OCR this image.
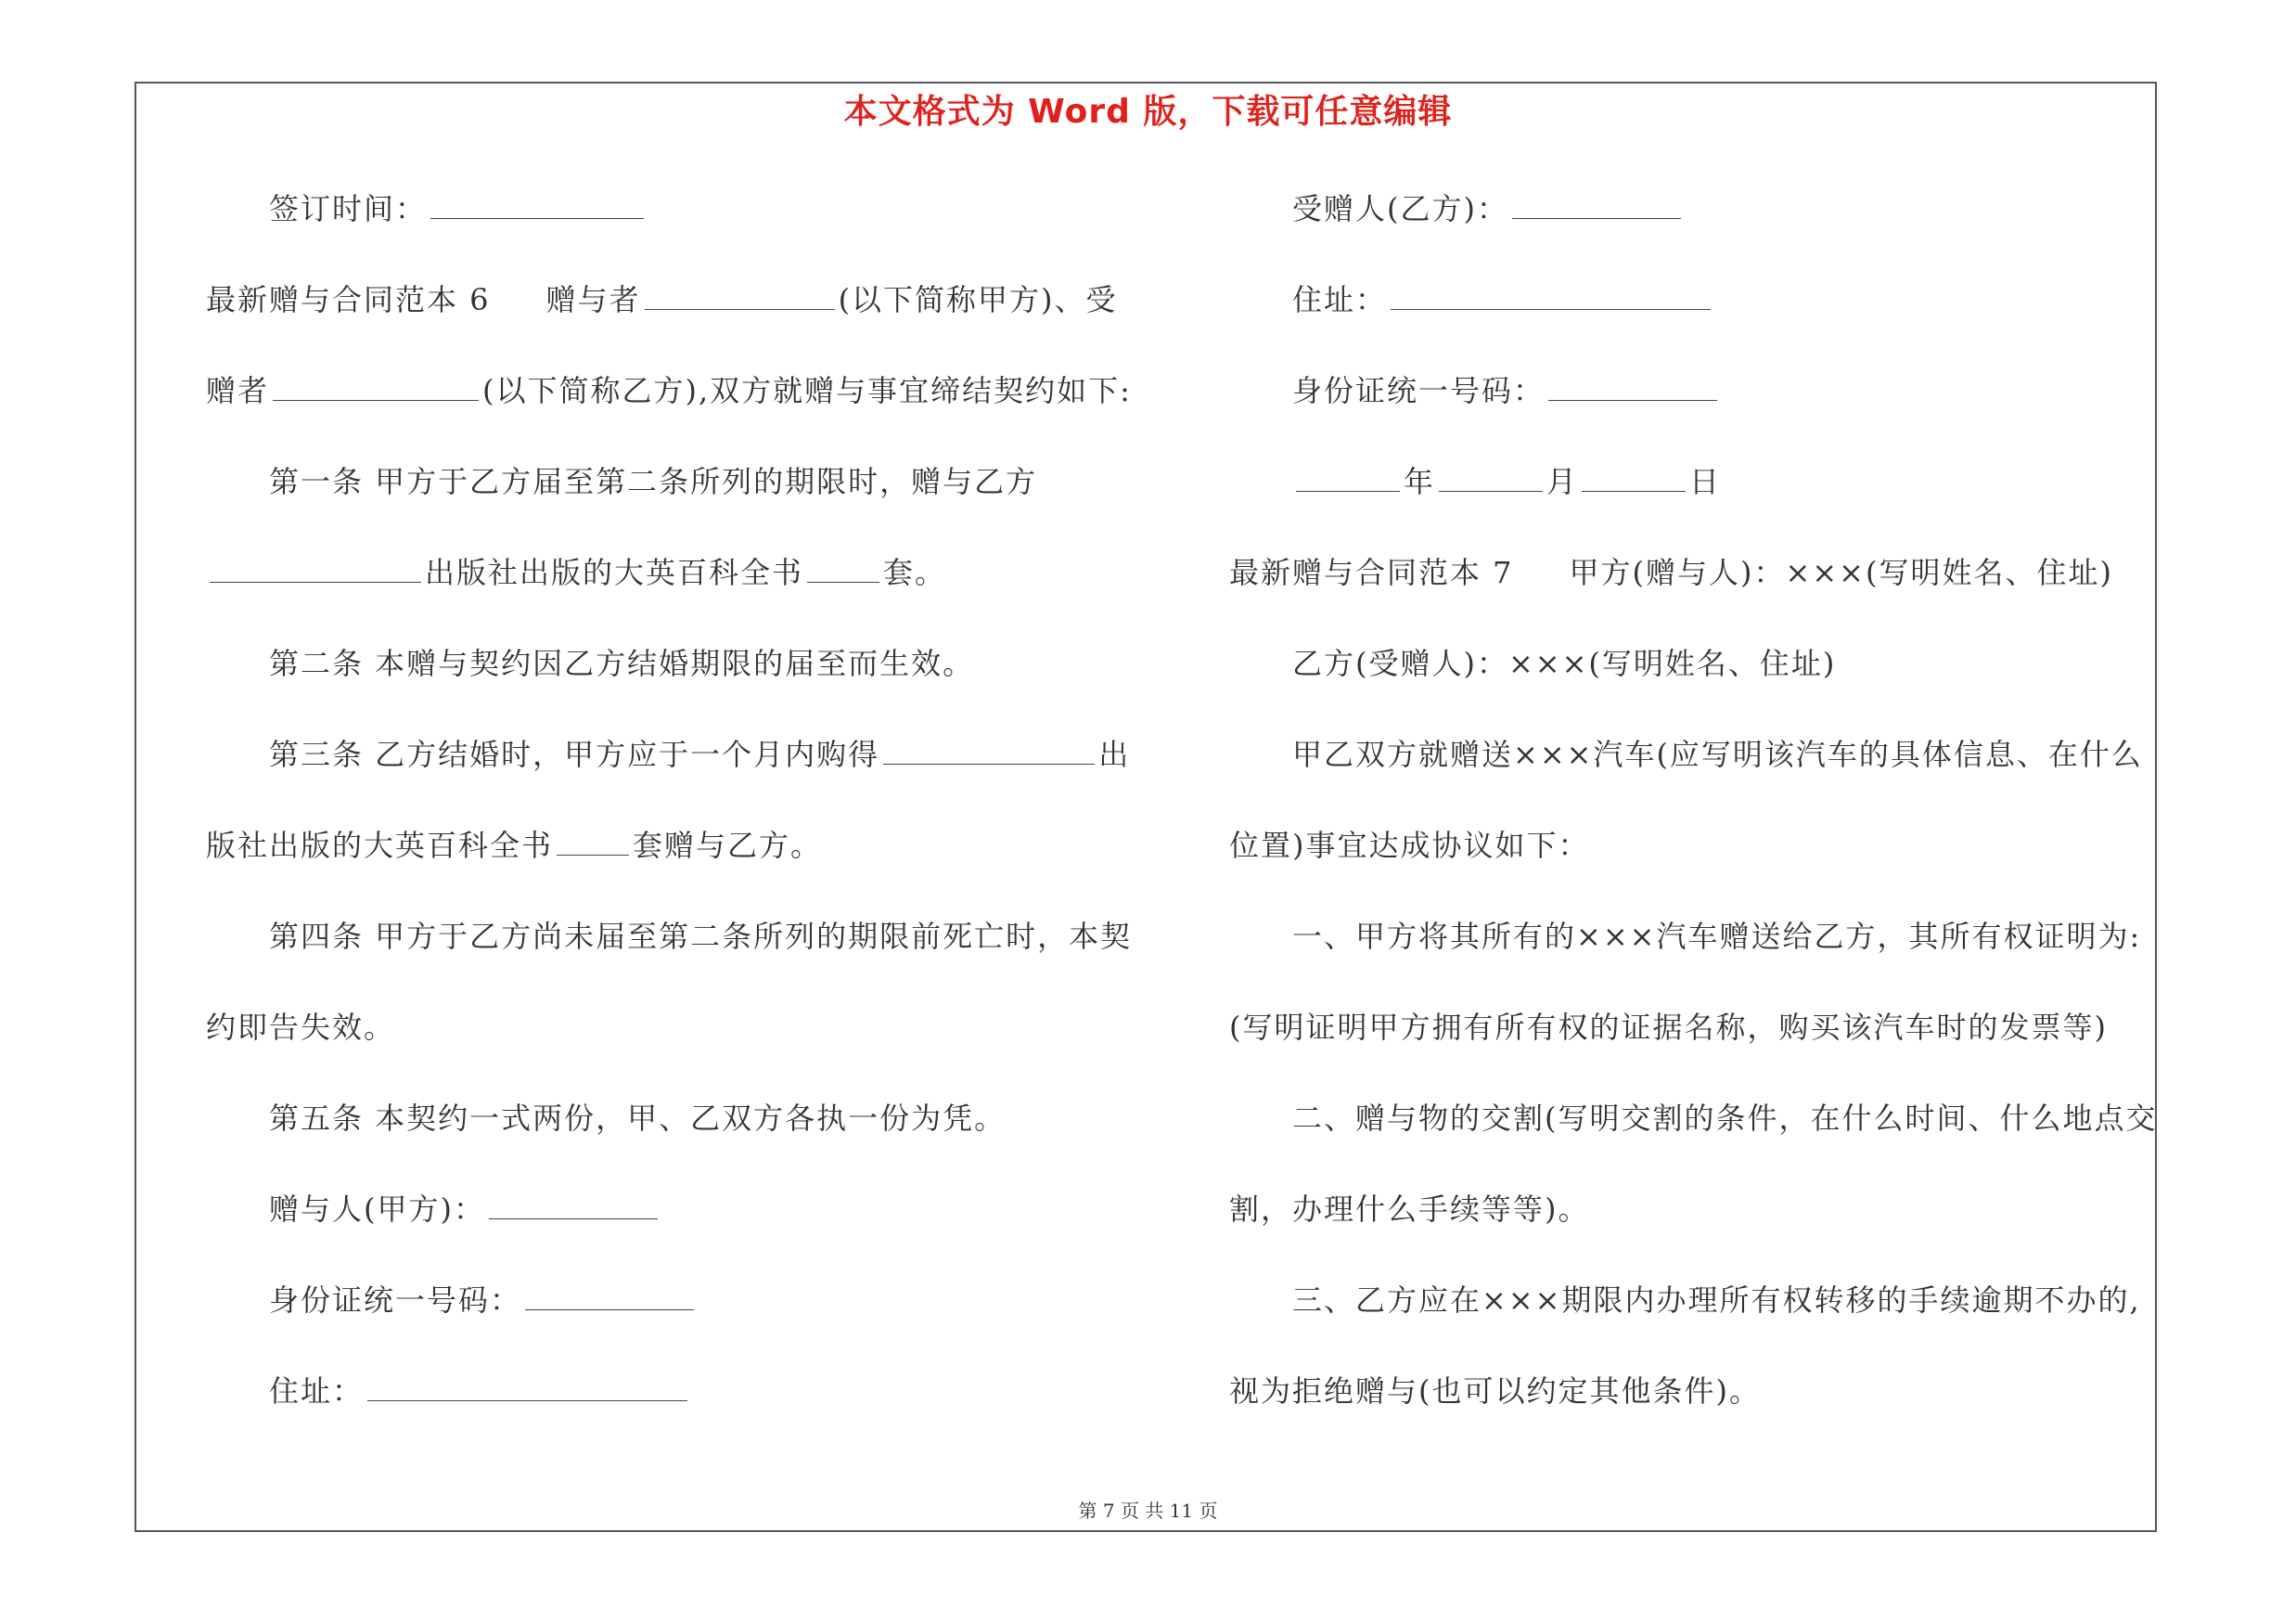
本文格式为 Word 版，下载可任意编辑
签订时间：
最新赠与合同范本 6 赠与者	(以下简称甲方)、受
赠者	(以下简称乙方),双方就赠与事宜缔结契约如下:
第一条 甲方于乙方届至第二条所列的期限时，赠与乙方
出版社出版的大英百科全书	套。
第二条 本赠与契约因乙方结婚期限的届至而生效。
第三条 乙方结婚时，甲方应于一个月内购得	出
版社出版的大英百科全书	套赠与乙方。
第四条 甲方于乙方尚未届至第二条所列的期限前死亡时，本契
约即告失效。
第五条 本契约一式两份，甲、乙双方各执一份为凭。
赠与人(甲方)：
身份证统一号码：
住址：
受赠人(乙方)：
住址：
身份证统一号码：
年	月	日
最新赠与合同范本 7 甲方(赠与人)：×××(写明姓名、住址)
乙方(受赠人)：×××(写明姓名、住址)
甲乙双方就赠送×××汽车(应写明该汽车的具体信息、在什么
位置)事宜达成协议如下：
一、甲方将其所有的×××汽车赠送给乙方，其所有权证明为:
(写明证明甲方拥有所有权的证据名称，购买该汽车时的发票等)
二、赠与物的交割(写明交割的条件，在什么时间、什么地点交
割，办理什么手续等等)。
三、乙方应在×××期限内办理所有权转移的手续逾期不办的,
视为拒绝赠与(也可以约定其他条件)。
第 7 页 共 11 页
